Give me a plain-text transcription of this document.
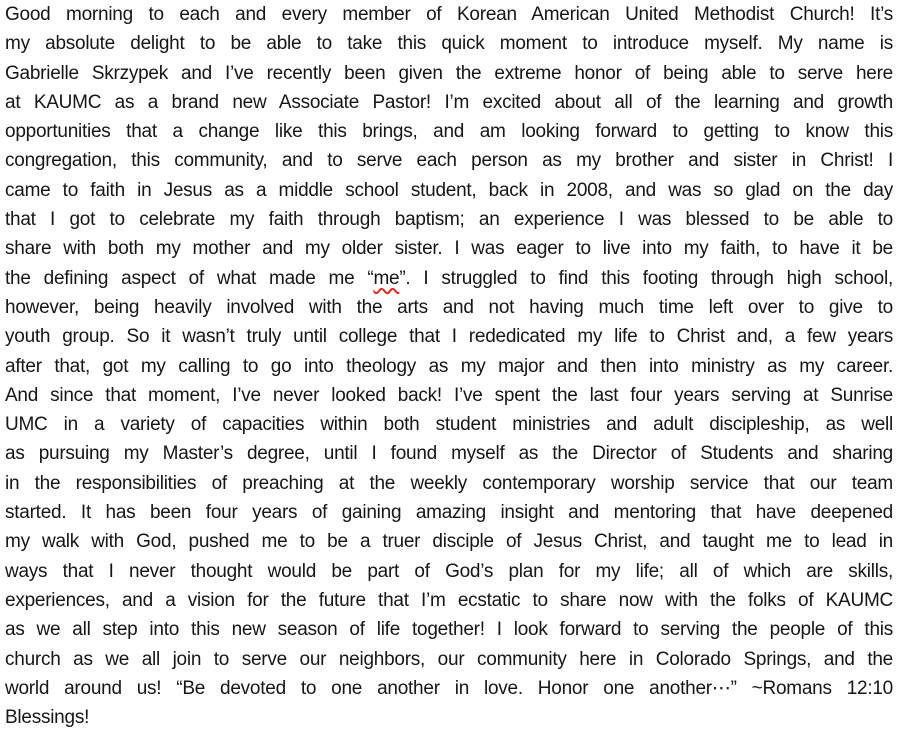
Good morning to each and every member of Korean American United Methodist Church! It’s
my absolute delight to be able to take this quick moment to introduce myself. My name is
Gabrielle Skrzypek and I’ve recently been given the extreme honor of being able to serve here
at KAUMC as a brand new Associate Pastor! I’m excited about all of the learning and growth
opportunities that a change like this brings, and am looking forward to getting to know this
congregation, this community, and to serve each person as my brother and sister in Christ! I
came to faith in Jesus as a middle school student, back in 2008, and was so glad on the day
that I got to celebrate my faith through baptism; an experience I was blessed to be able to
share with both my mother and my older sister. I was eager to live into my faith, to have it be
the defining aspect of what made me “me”. I struggled to find this footing through high school,
however, being heavily involved with the arts and not having much time left over to give to
youth group. So it wasn’t truly until college that I rededicated my life to Christ and, a few years
after that, got my calling to go into theology as my major and then into ministry as my career.
And since that moment, I’ve never looked back! I’ve spent the last four years serving at Sunrise
UMC in a variety of capacities within both student ministries and adult discipleship, as well
as pursuing my Master’s degree, until I found myself as the Director of Students and sharing
in the responsibilities of preaching at the weekly contemporary worship service that our team
started. It has been four years of gaining amazing insight and mentoring that have deepened
my walk with God, pushed me to be a truer disciple of Jesus Christ, and taught me to lead in
ways that I never thought would be part of God’s plan for my life; all of which are skills,
experiences, and a vision for the future that I’m ecstatic to share now with the folks of KAUMC
as we all step into this new season of life together! I look forward to serving the people of this
church as we all join to serve our neighbors, our community here in Colorado Springs, and the
world around us! “Be devoted to one another in love. Honor one another⋯” ~Romans 12:10
Blessings!
